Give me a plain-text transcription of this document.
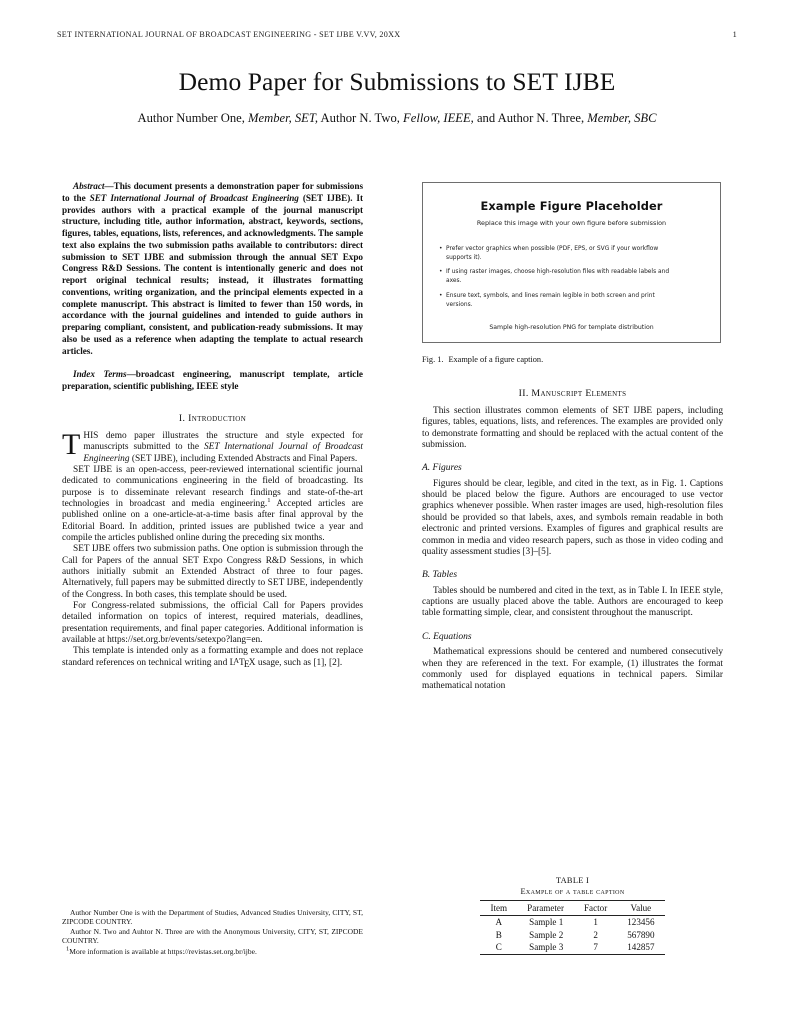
SET INTERNATIONAL JOURNAL OF BROADCAST ENGINEERING - SET IJBE V.VV, 20XX	1
Demo Paper for Submissions to SET IJBE
Author Number One, Member, SET, Author N. Two, Fellow, IEEE, and Author N. Three, Member, SBC

Abstract—This document presents a demonstration paper for submissions to the SET International Journal of Broadcast Engineering (SET IJBE). It provides authors with a practical example of the journal manuscript structure, including title, author information, abstract, keywords, sections, figures, tables, equations, lists, references, and acknowledgments. The sample text also explains the two submission paths available to contributors: direct submission to SET IJBE and submission through the annual SET Expo Congress R&D Sessions. The content is intentionally generic and does not report original technical results; instead, it illustrates formatting conventions, writing organization, and the principal elements expected in a complete manuscript. This abstract is limited to fewer than 150 words, in accordance with the journal guidelines and intended to guide authors in preparing compliant, consistent, and publication-ready submissions. It may also be used as a reference when adapting the template to actual research articles.

Index Terms—broadcast engineering, manuscript template, article preparation, scientific publishing, IEEE style

I. Introduction

THIS demo paper illustrates the structure and style expected for manuscripts submitted to the SET International Journal of Broadcast Engineering (SET IJBE), including Extended Abstracts and Final Papers.

SET IJBE is an open-access, peer-reviewed international scientific journal dedicated to communications engineering in the field of broadcasting. Its purpose is to disseminate relevant research findings and state-of-the-art technologies in broadcast and media engineering.$^1$ Accepted articles are published online on a one-article-at-a-time basis after final approval by the Editorial Board. In addition, printed issues are published twice a year and compile the articles published online during the preceding six months.

SET IJBE offers two submission paths. One option is submission through the Call for Papers of the annual SET Expo Congress R&D Sessions, in which authors initially submit an Extended Abstract of three to four pages. Alternatively, full papers may be submitted directly to SET IJBE, independently of the Congress. In both cases, this template should be used.

For Congress-related submissions, the official Call for Papers provides detailed information on topics of interest, required materials, deadlines, presentation requirements, and final paper categories. Additional information is available at https://set.org.br/events/setexpo?lang=en.

This template is intended only as a formatting example and does not replace standard references on technical writing and $L^ATEX$ usage, such as [1], [2].

Author Number One is with the Department of Studies, Advanced Studies University, CITY, ST, ZIPCODE COUNTRY.

Author N. Two and Auhtor N. Three are with the Anonymous University, CITY, ST, ZIPCODE COUNTRY.

$^1$More information is available at https://revistas.set.org.br/ijbe.

Example Figure Placeholder
Replace this image with your own figure before submission
• Prefer vector graphics when possible (PDF, EPS, or SVG if your workflow supports it).
• If using raster images, choose high-resolution files with readable labels and axes.
• Ensure text, symbols, and lines remain legible in both screen and print versions.
Sample high-resolution PNG for template distribution
Fig. 1. Example of a figure caption.
II. Manuscript Elements

This section illustrates common elements of SET IJBE papers, including figures, tables, equations, lists, and references. The examples are provided only to demonstrate formatting and should be replaced with the actual content of the submission.

A. Figures

Figures should be clear, legible, and cited in the text, as in Fig. 1. Captions should be placed below the figure. Authors are encouraged to use vector graphics whenever possible. When raster images are used, high-resolution files should be provided so that labels, axes, and symbols remain readable in both electronic and printed versions. Examples of figures and graphical results are common in media and video research papers, such as those in video coding and quality assessment studies [3]–[5].

B. Tables

Tables should be numbered and cited in the text, as in Table I. In IEEE style, captions are usually placed above the table. Authors are encouraged to keep table formatting simple, clear, and consistent throughout the manuscript.

C. Equations

Mathematical expressions should be centered and numbered consecutively when they are referenced in the text. For example, (1) illustrates the format commonly used for displayed equations in technical papers. Similar mathematical notation

TABLE I
Example of a table caption
Item	Parameter	Factor	Value
A	Sample 1	1	123456
B	Sample 2	2	567890
C	Sample 3	7	142857
